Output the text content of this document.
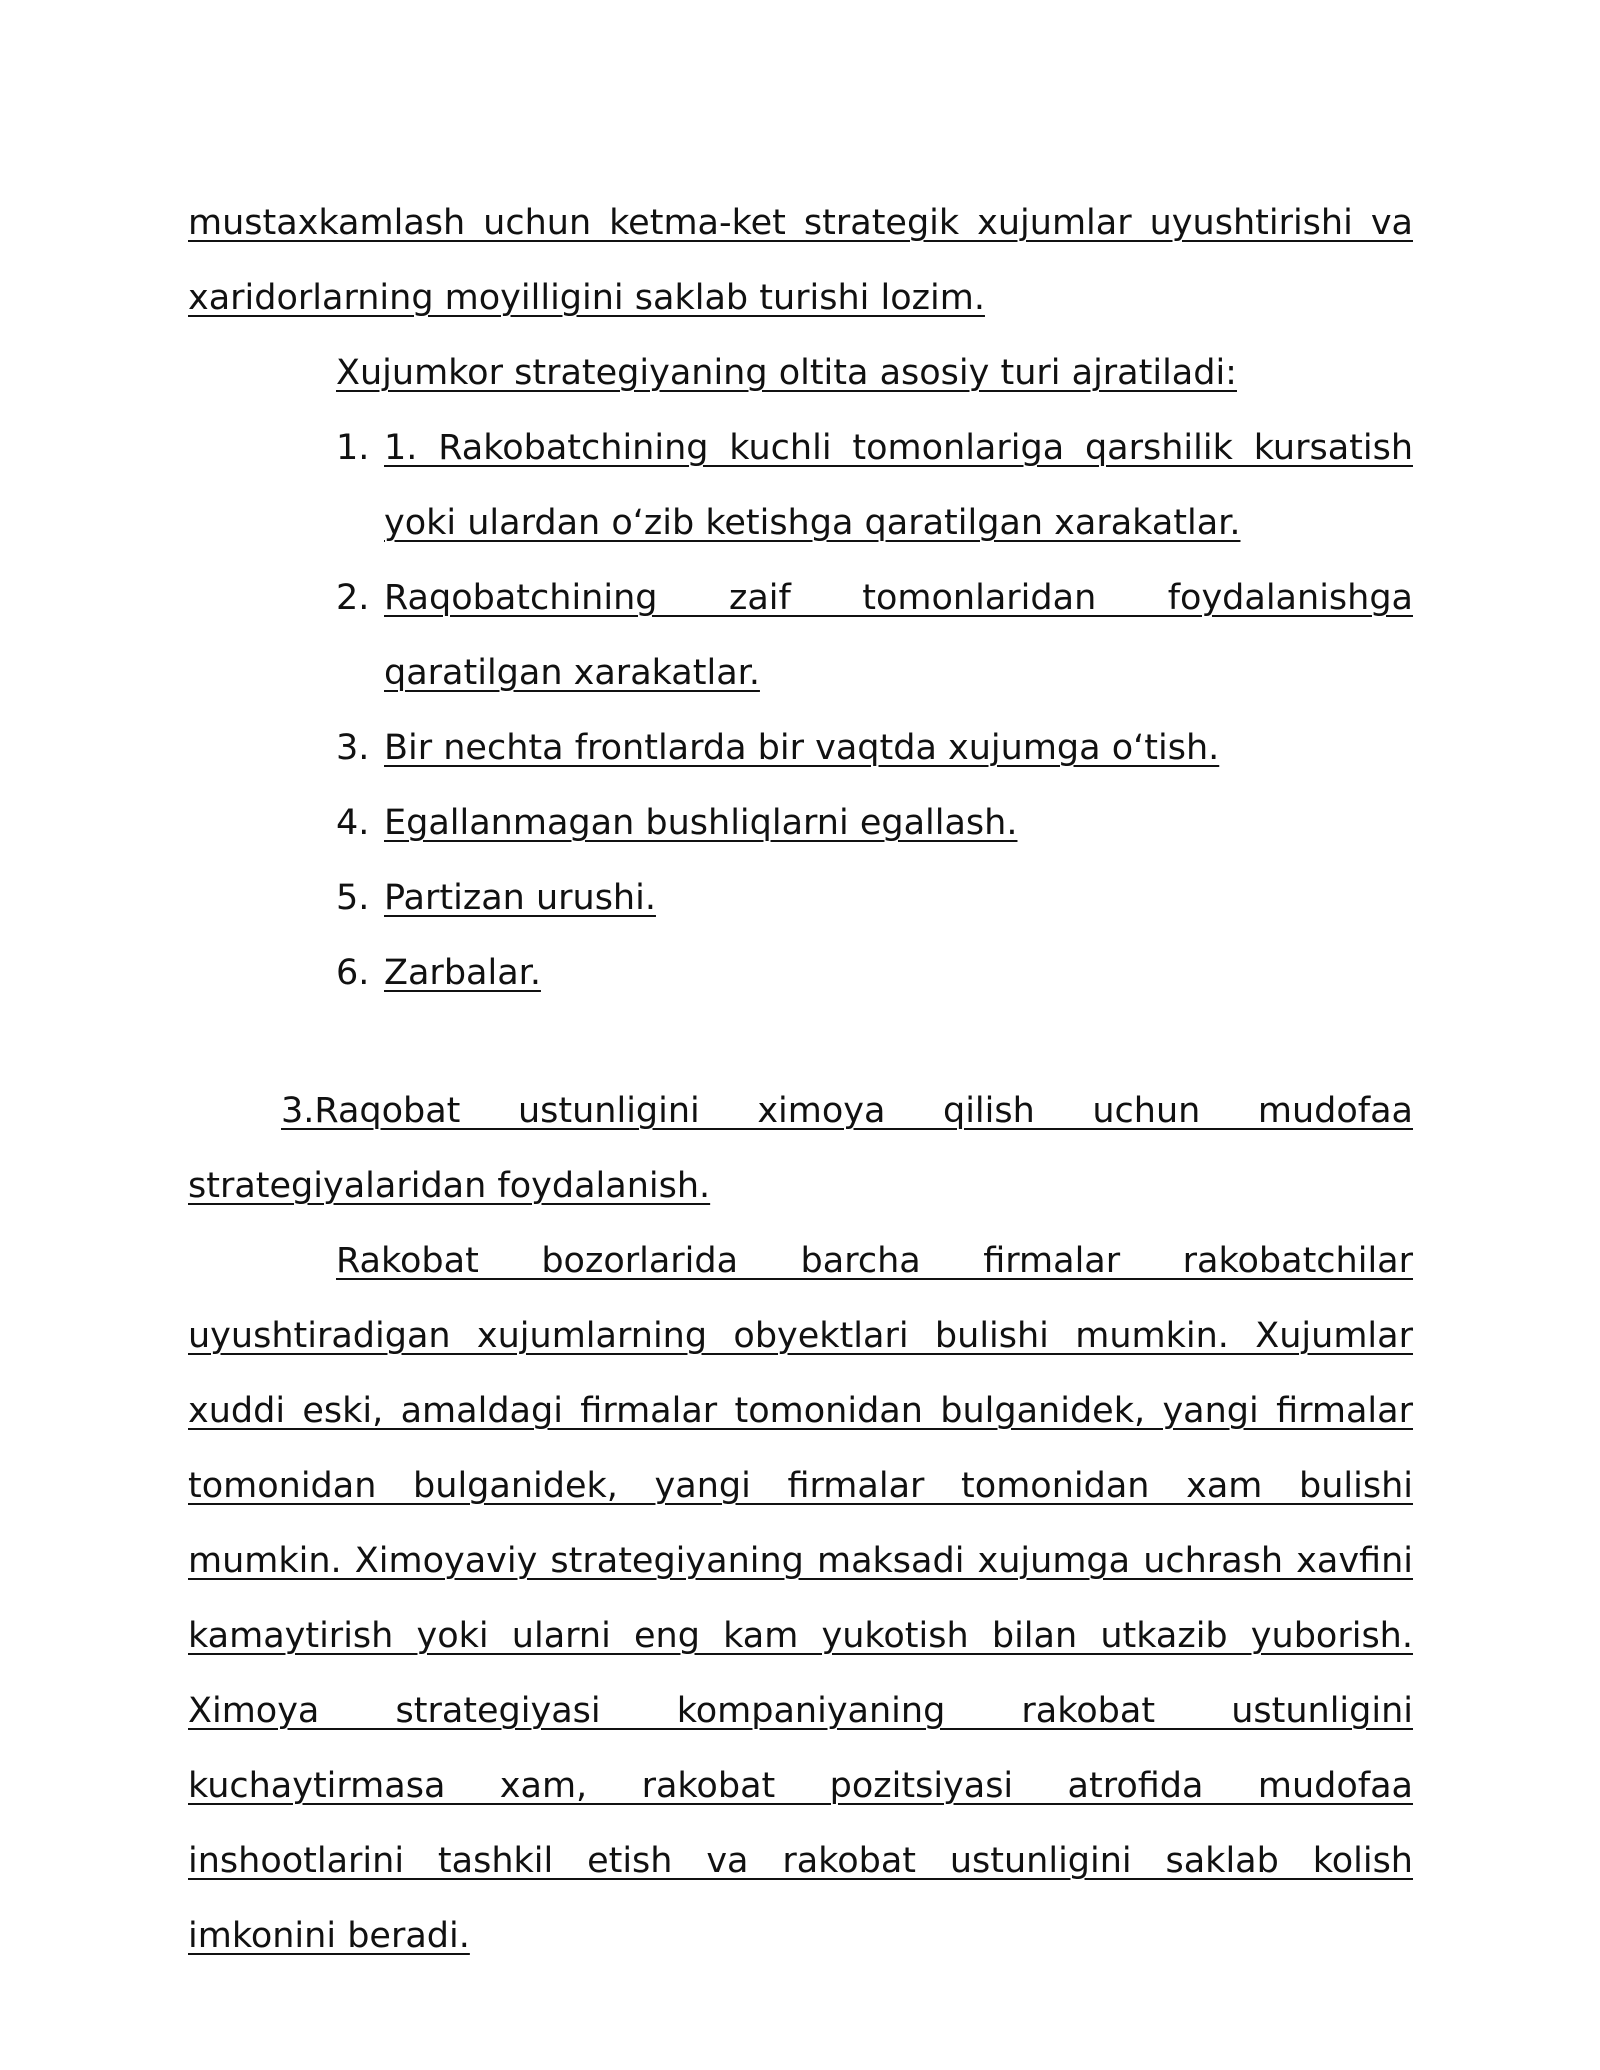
mustaxkamlash uchun ketma-ket strategik xujumlar uyushtirishi va xaridorlarning moyilligini saklab turishi lozim.

Xujumkor strategiyaning oltita asosiy turi ajratiladi:

1. 1. Rakobatchining kuchli tomonlariga qarshilik kursatish yoki ulardan o‘zib ketishga qaratilgan xarakatlar.
2. Raqobatchining zaif tomonlaridan foydalanishga qaratilgan xarakatlar.
3. Bir nechta frontlarda bir vaqtda xujumga o‘tish.
4. Egallanmagan bushliqlarni egallash.
5. Partizan urushi.
6. Zarbalar.

3.Raqobat ustunligini ximoya qilish uchun mudofaa strategiyalaridan foydalanish.

Rakobat bozorlarida barcha firmalar rakobatchilar uyushtiradigan xujumlarning obyektlari bulishi mumkin. Xujumlar xuddi eski, amaldagi firmalar tomonidan bulganidek, yangi firmalar tomonidan bulganidek, yangi firmalar tomonidan xam bulishi mumkin. Ximoyaviy strategiyaning maksadi xujumga uchrash xavfini kamaytirish yoki ularni eng kam yukotish bilan utkazib yuborish. Ximoya strategiyasi kompaniyaning rakobat ustunligini kuchaytirmasa xam, rakobat pozitsiyasi atrofida mudofaa inshootlarini tashkil etish va rakobat ustunligini saklab kolish imkonini beradi.
